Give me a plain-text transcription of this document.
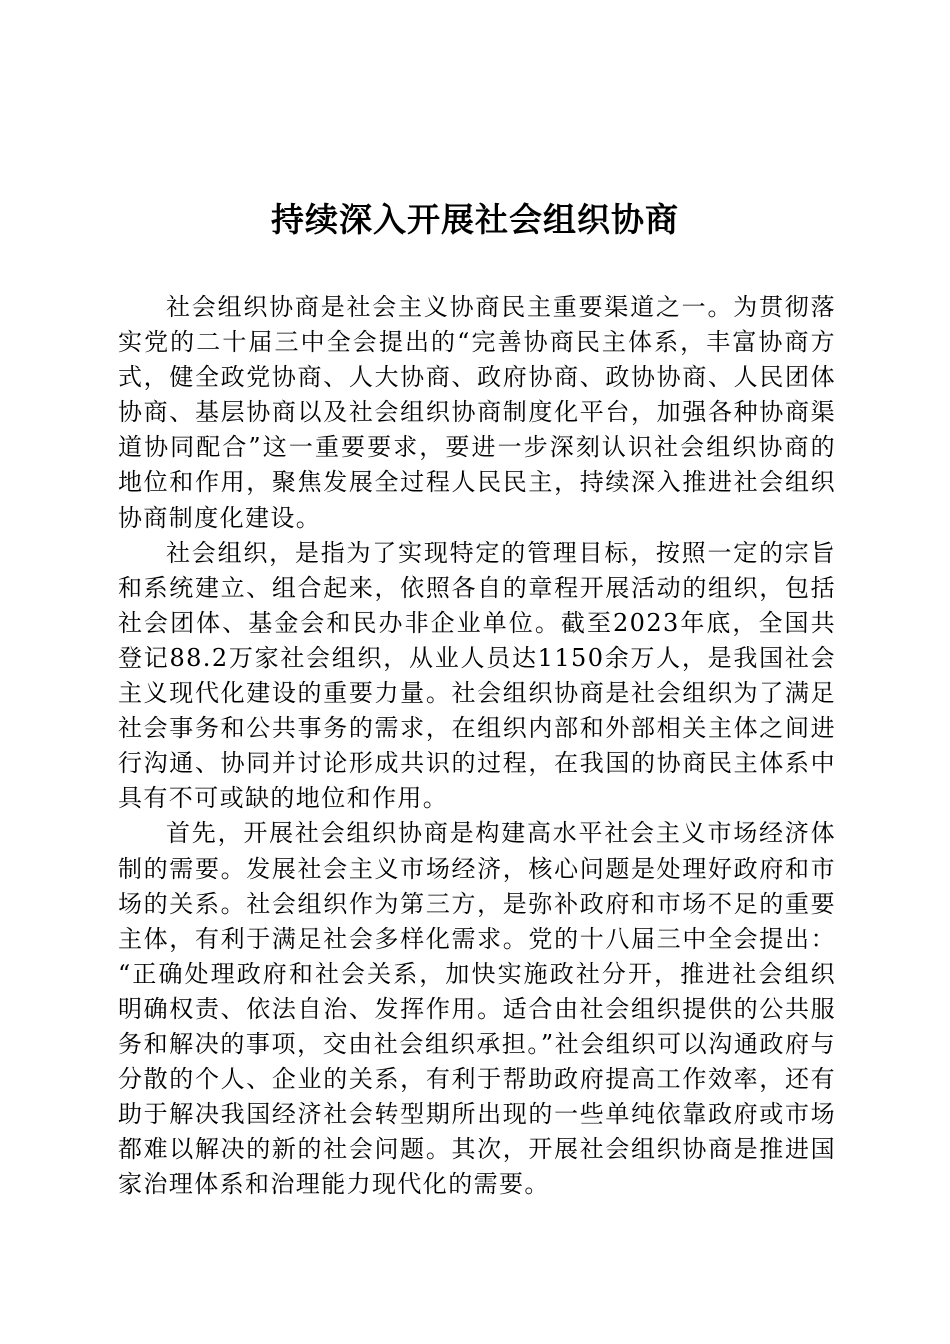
持续深入开展社会组织协商

社会组织协商是社会主义协商民主重要渠道之一。为贯彻落实党的二十届三中全会提出的“完善协商民主体系，丰富协商方式，健全政党协商、人大协商、政府协商、政协协商、人民团体协商、基层协商以及社会组织协商制度化平台，加强各种协商渠道协同配合”这一重要要求，要进一步深刻认识社会组织协商的地位和作用，聚焦发展全过程人民民主，持续深入推进社会组织协商制度化建设。

社会组织，是指为了实现特定的管理目标，按照一定的宗旨和系统建立、组合起来，依照各自的章程开展活动的组织，包括社会团体、基金会和民办非企业单位。截至2023年底，全国共登记88.2万家社会组织，从业人员达1150余万人，是我国社会主义现代化建设的重要力量。社会组织协商是社会组织为了满足社会事务和公共事务的需求，在组织内部和外部相关主体之间进行沟通、协同并讨论形成共识的过程，在我国的协商民主体系中具有不可或缺的地位和作用。

首先，开展社会组织协商是构建高水平社会主义市场经济体制的需要。发展社会主义市场经济，核心问题是处理好政府和市场的关系。社会组织作为第三方，是弥补政府和市场不足的重要主体，有利于满足社会多样化需求。党的十八届三中全会提出：“正确处理政府和社会关系，加快实施政社分开，推进社会组织明确权责、依法自治、发挥作用。适合由社会组织提供的公共服务和解决的事项，交由社会组织承担。”社会组织可以沟通政府与分散的个人、企业的关系，有利于帮助政府提高工作效率，还有助于解决我国经济社会转型期所出现的一些单纯依靠政府或市场都难以解决的新的社会问题。其次，开展社会组织协商是推进国家治理体系和治理能力现代化的需要。
